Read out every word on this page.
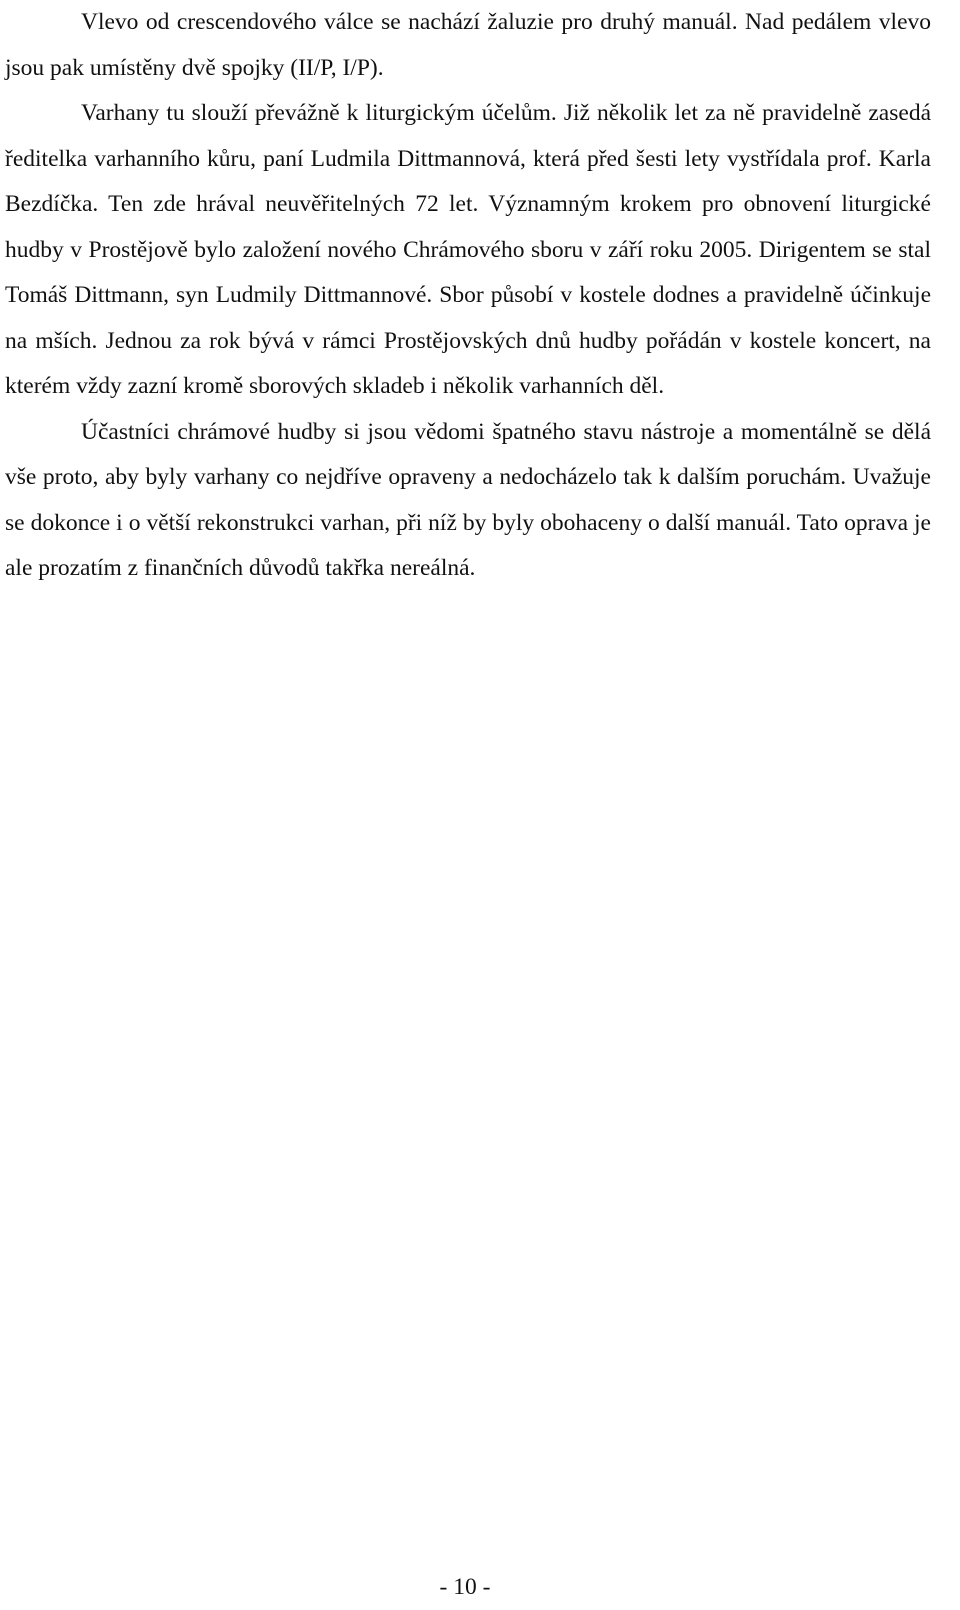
Vlevo od crescendového válce se nachází žaluzie pro druhý manuál. Nad pedálem vlevo jsou pak umístěny dvě spojky (II/P, I/P).

Varhany tu slouží převážně k liturgickým účelům. Již několik let za ně pravidelně zasedá ředitelka varhanního kůru, paní Ludmila Dittmannová, která před šesti lety vystřídala prof. Karla Bezdíčka. Ten zde hrával neuvěřitelných 72 let. Významným krokem pro obnovení liturgické hudby v Prostějově bylo založení nového Chrámového sboru v září roku 2005. Dirigentem se stal Tomáš Dittmann, syn Ludmily Dittmannové. Sbor působí v kostele dodnes a pravidelně účinkuje na mších. Jednou za rok bývá v rámci Prostějovských dnů hudby pořádán v kostele koncert, na kterém vždy zazní kromě sborových skladeb i několik varhanních děl.

Účastníci chrámové hudby si jsou vědomi špatného stavu nástroje a momentálně se dělá vše proto, aby byly varhany co nejdříve opraveny a nedocházelo tak k dalším poruchám. Uvažuje se dokonce i o větší rekonstrukci varhan, při níž by byly obohaceny o další manuál. Tato oprava je ale prozatím z finančních důvodů takřka nereálná.

- 10 -
